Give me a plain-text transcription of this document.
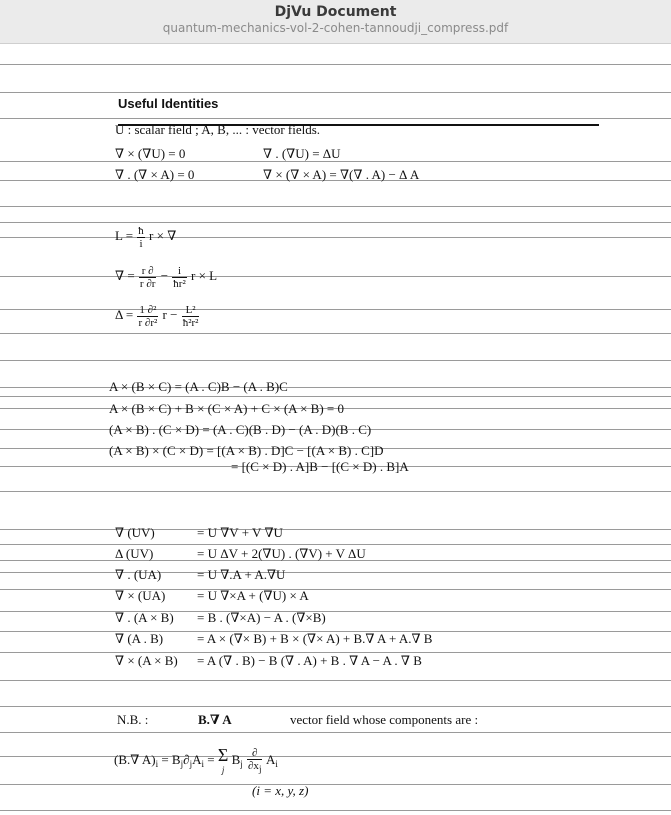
DjVu Document
quantum-mechanics-vol-2-cohen-tannoudji_compress.pdf
Useful Identities
U : scalar field ; A, B, ... : vector fields.
∇ × (∇U) = 0	∇ . (∇U) = ΔU
∇ . (∇ × A) = 0	∇ × (∇ × A) = ∇(∇ . A) − Δ A
$L = \frac{ħ}{i}$ r × ∇
∇ = $\frac{r \partial}{r \partial r} - \frac{i}{\text{ħr²}}$ r × L
$\Delta = \frac{\text{1 ∂²}}{\text{r ∂r²}}$ $r - \frac{\text{L²}}{\text{ħ²r²}}$
A × (B × C) = (A . C)B − (A . B)C
A × (B × C) + B × (C × A) + C × (A × B) = 0
(A × B) . (C × D) = (A . C)(B . D) − (A . D)(B . C)
(A × B) × (C × D) = [(A × B) . D]C − [(A × B) . C]D
= [(C × D) . A]B − [(C × D) . B]A
∇ (UV)	= U ∇V + V ∇U
Δ (UV)	= U ΔV + 2(∇U) . (∇V) + V ΔU
∇ . (UA)	= U ∇.A + A.∇U
∇ × (UA) = U ∇×A + (∇U) × A
∇ . (A × B) = B . (∇×A) − A . (∇×B)
∇ (A . B)	= A × (∇× B) + B × (∇× A) + B.∇ A + A.∇ B
∇ × (A × B) = A (∇ . B) − B (∇ . A) + B . ∇ A − A . ∇ B
N.B. :	B.∇ A	vector field whose components are :
(B.∇ $A)_i = B_j\partial_jA_i = \Sigma$
j
$B_j \frac{\partial}{\partial x_j} A_i$
(i = x, y, z)
